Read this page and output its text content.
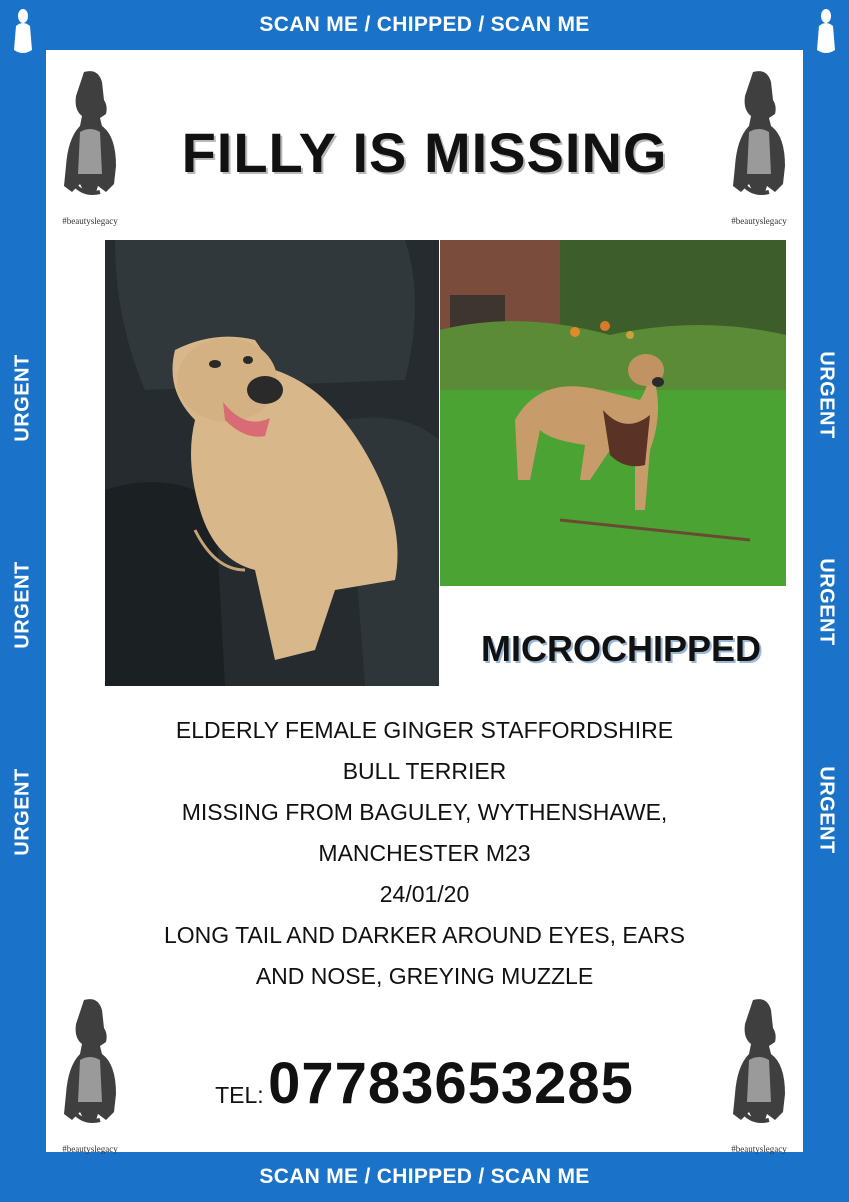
SCAN ME / CHIPPED / SCAN ME
SCAN ME / CHIPPED / SCAN ME
URGENT
URGENT
URGENT
URGENT
URGENT
URGENT
#beautyslegacy	#beautyslegacy
#beautyslegacy	#beautyslegacy
FILLY IS MISSING
MICROCHIPPED
ELDERLY FEMALE GINGER STAFFORDSHIRE
BULL TERRIER
MISSING FROM BAGULEY, WYTHENSHAWE,
MANCHESTER M23
24/01/20
LONG TAIL AND DARKER AROUND EYES, EARS
AND NOSE, GREYING MUZZLE
TEL: 07783653285
